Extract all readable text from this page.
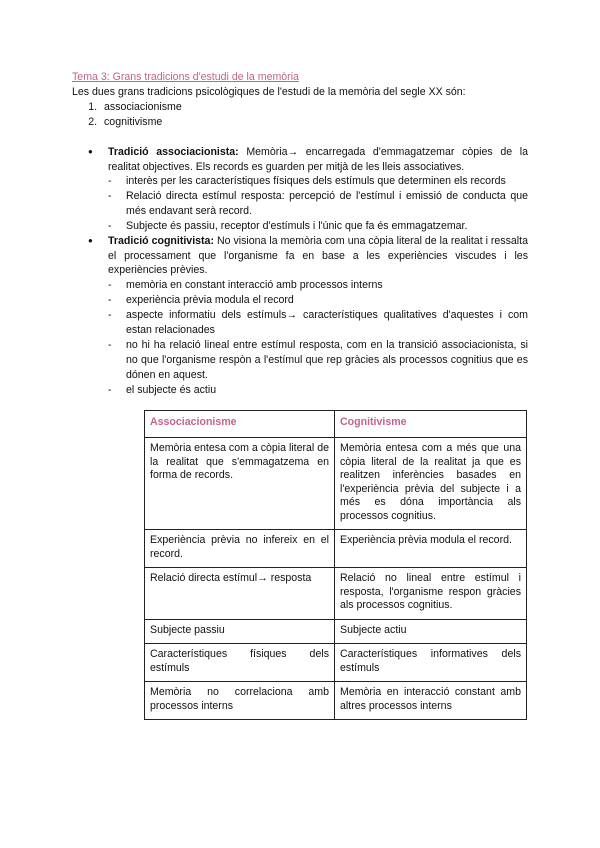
Tema 3: Grans tradicions d'estudi de la memòria
Les dues grans tradicions psicològiques de l'estudi de la memòria del segle XX són:
1. associacionisme
2. cognitivisme
● Tradició associacionista: Memòria→ encarregada d'emmagatzemar còpies de la realitat objectives. Els records es guarden per mitjà de les lleis associatives.
- interès per les característiques físiques dels estímuls que determinen els records
- Relació directa estímul resposta: percepció de l'estímul i emissió de conducta que més endavant serà record.
- Subjecte és passiu, receptor d'estímuls i l'únic que fa és emmagatzemar.
● Tradició cognitivista: No visiona la memòria com una còpia literal de la realitat i ressalta el processament que l'organisme fa en base a les experiències viscudes i les experiències prèvies.
- memòria en constant interacció amb processos interns
- experiència prèvia modula el record
- aspecte informatiu dels estímuls→ característiques qualitatives d'aquestes i com estan relacionades
- no hi ha relació lineal entre estímul resposta, com en la transició associacionista, si no que l'organisme respòn a l'estímul que rep gràcies als processos cognitius que es dónen en aquest.
- el subjecte és actiu
Associacionisme	Cognitivisme
Memòria entesa com a còpia literal de la realitat que s'emmagatzema en forma de records.	Memòria entesa com a més que una còpia literal de la realitat ja que es realitzen inferències basades en l'experiència prèvia del subjecte i a més es dóna importància als processos cognitius.
Experiència prèvia no infereix en el record.	Experiència prèvia modula el record.
Relació directa estímul→ resposta	Relació no lineal entre estímul i resposta, l'organisme respon gràcies als processos cognitius.
Subjecte passiu	Subjecte actiu
Característiques físiques dels estímuls	Característiques informatives dels estímuls
Memòria no correlaciona amb processos interns	Memòria en interacció constant amb altres processos interns
